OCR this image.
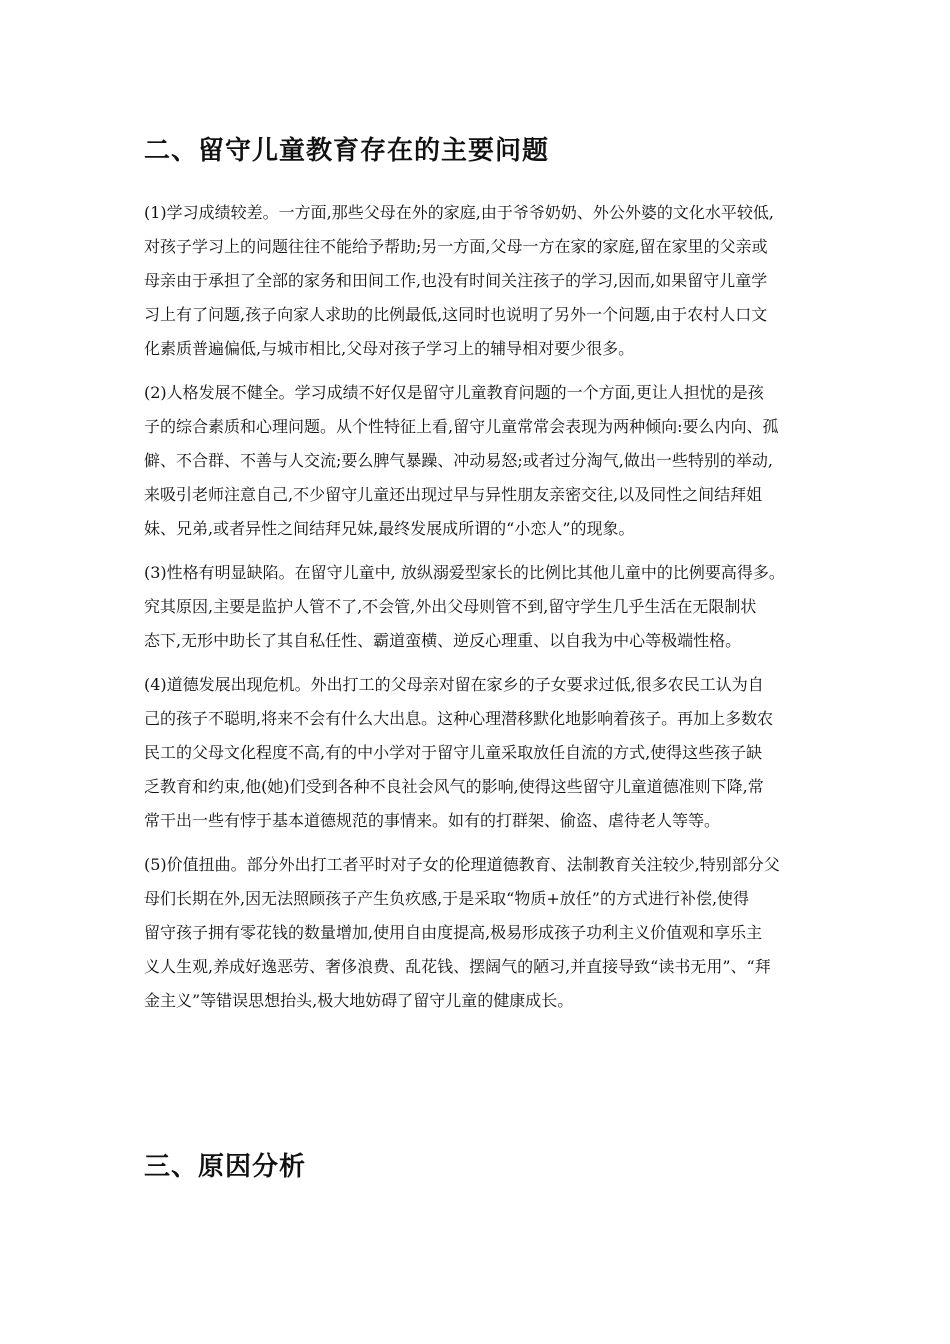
二、留守儿童教育存在的主要问题

(1)学习成绩较差。一方面,那些父母在外的家庭,由于爷爷奶奶、外公外婆的文化水平较低,
对孩子学习上的问题往往不能给予帮助;另一方面,父母一方在家的家庭,留在家里的父亲或
母亲由于承担了全部的家务和田间工作,也没有时间关注孩子的学习,因而,如果留守儿童学
习上有了问题,孩子向家人求助的比例最低,这同时也说明了另外一个问题,由于农村人口文
化素质普遍偏低,与城市相比,父母对孩子学习上的辅导相对要少很多。

(2)人格发展不健全。学习成绩不好仅是留守儿童教育问题的一个方面,更让人担忧的是孩
子的综合素质和心理问题。从个性特征上看,留守儿童常常会表现为两种倾向:要么内向、孤
僻、不合群、不善与人交流;要么脾气暴躁、冲动易怒;或者过分淘气,做出一些特别的举动,
来吸引老师注意自己,不少留守儿童还出现过早与异性朋友亲密交往,以及同性之间结拜姐
妹、兄弟,或者异性之间结拜兄妹,最终发展成所谓的“小恋人”的现象。

(3)性格有明显缺陷。在留守儿童中, 放纵溺爱型家长的比例比其他儿童中的比例要高得多。
究其原因,主要是监护人管不了,不会管,外出父母则管不到,留守学生几乎生活在无限制状
态下,无形中助长了其自私任性、霸道蛮横、逆反心理重、以自我为中心等极端性格。

(4)道德发展出现危机。外出打工的父母亲对留在家乡的子女要求过低,很多农民工认为自
己的孩子不聪明,将来不会有什么大出息。这种心理潜移默化地影响着孩子。再加上多数农
民工的父母文化程度不高,有的中小学对于留守儿童采取放任自流的方式,使得这些孩子缺
乏教育和约束,他(她)们受到各种不良社会风气的影响,使得这些留守儿童道德准则下降,常
常干出一些有悖于基本道德规范的事情来。如有的打群架、偷盗、虐待老人等等。

(5)价值扭曲。部分外出打工者平时对子女的伦理道德教育、法制教育关注较少,特别部分父
母们长期在外,因无法照顾孩子产生负疚感,于是采取“物质+放任”的方式进行补偿,使得
留守孩子拥有零花钱的数量增加,使用自由度提高,极易形成孩子功利主义价值观和享乐主
义人生观,养成好逸恶劳、奢侈浪费、乱花钱、摆阔气的陋习,并直接导致“读书无用”、“拜
金主义”等错误思想抬头,极大地妨碍了留守儿童的健康成长。

三、原因分析
